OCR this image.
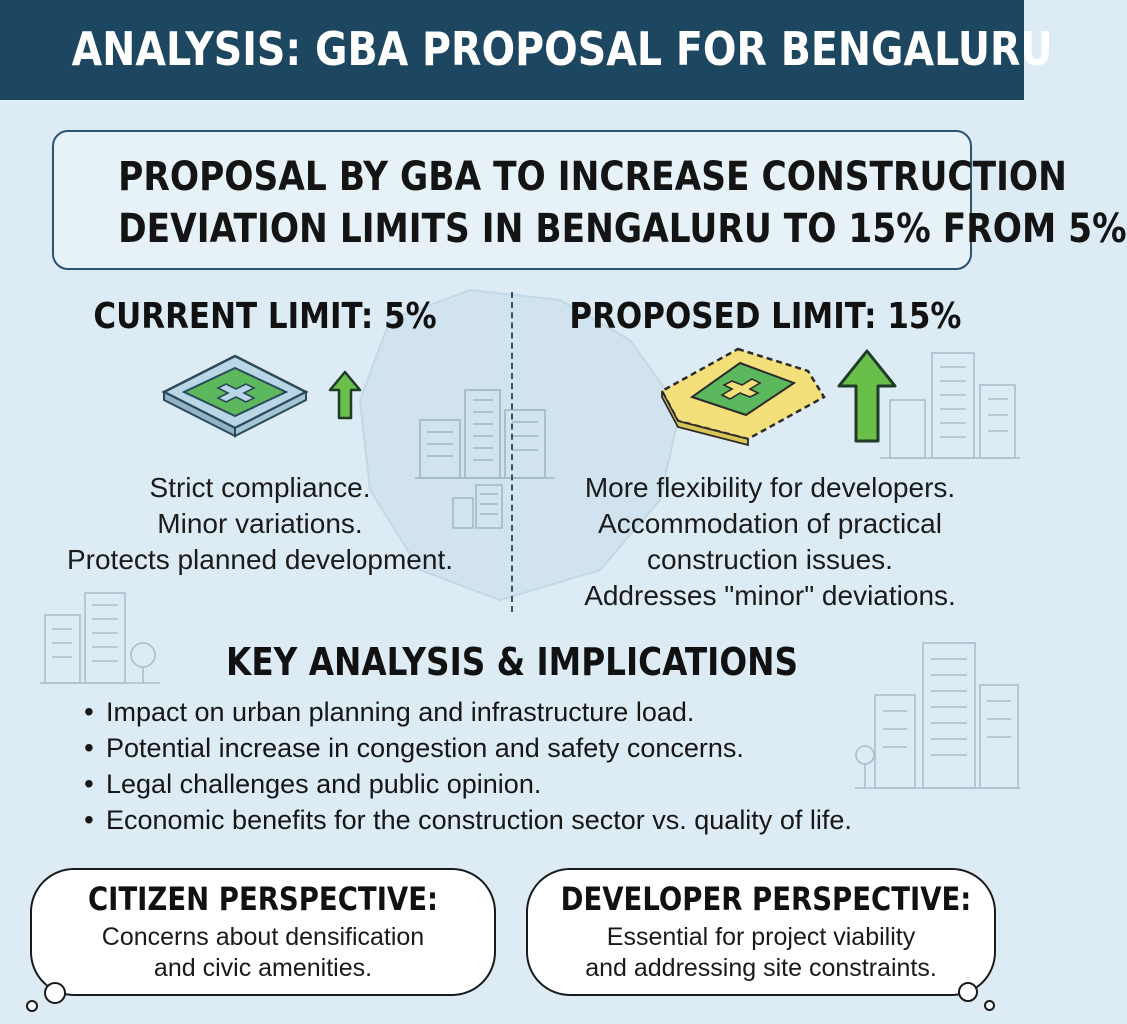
ANALYSIS: GBA PROPOSAL FOR BENGALURU
PROPOSAL BY GBA TO INCREASE CONSTRUCTION
DEVIATION LIMITS IN BENGALURU TO 15% FROM 5%
CURRENT LIMIT: 5%
Strict compliance.
Minor variations.
Protects planned development.
PROPOSED LIMIT: 15%
More flexibility for developers.
Accommodation of practical
construction issues.
Addresses "minor" deviations.
KEY ANALYSIS & IMPLICATIONS
• Impact on urban planning and infrastructure load.
• Potential increase in congestion and safety concerns.
• Legal challenges and public opinion.
• Economic benefits for the construction sector vs. quality of life.
CITIZEN PERSPECTIVE:
Concerns about densification
and civic amenities.
DEVELOPER PERSPECTIVE:
Essential for project viability
and addressing site constraints.
